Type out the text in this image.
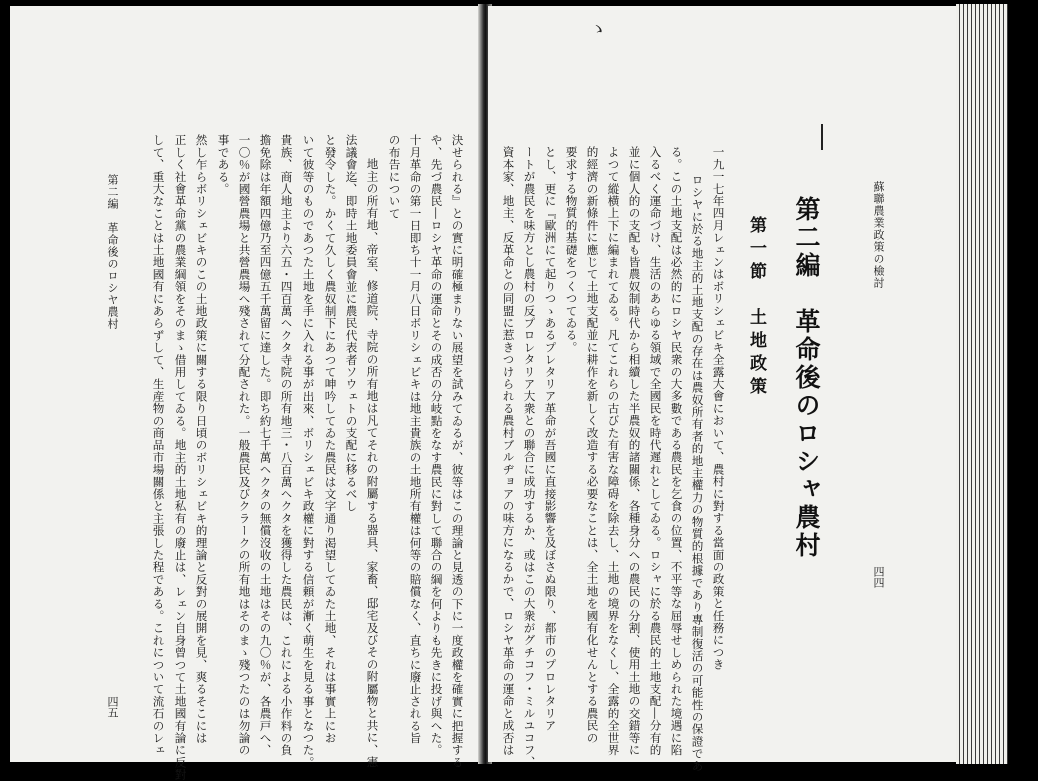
決せられる』との實に明確極まりない展望を試みてゐるが、彼等はこの理論と見透の下に一度政權を確實に把握する
や、先づ農民―ロシヤ革命の運命とその成否の分岐點をなす農民に對して聯合の綱を何よりも先きに投げ與へた。
十月革命の第一日即ち十一月八日ボリシェビキは地主貴族の土地所有權は何等の賠償なく、直ちに廢止される旨
の布告について
地主の所有地、帝室、修道院、寺院の所有地は凡てそれの附屬する器具、家畜、邸宅及びその附屬物と共に、憲
法議會迄、即時土地委員會並に農民代表者ソウェトの支配に移るべし
と發令した。かくて久しく農奴制下にあつて呻吟してゐた農民は文字通り渇望してゐた土地、それは事實上にお
いて彼等のものであつた土地を手に入れる事が出來、ボリシェビキ政權に對する信頼が漸く萌生を見る事となつた。
貴族、商人地主より六五・四百萬ヘクタ寺院の所有地三・八百萬ヘクタを獲得した農民は、これによる小作料の負
擔免除は年額四億乃至四億五千萬留に達した。即ち約七千萬ヘクタの無償沒收の土地はその九〇％が、各農戸へ、
一〇％が國營農場と共營農場へ殘されて分配された。一般農民及びクラークの所有地はそのまゝ殘つたのは勿論の
事である。
然し乍らボリシェビキのこの土地政策に關する限り日頃のボリシェビキ的理論と反對の展開を見、爽るそこには
正しく社會革命黨の農業綱領をそのまゝ借用してゐる。地主的土地私有の廢止は、レェン自身曾つて土地國有論に反對
して、重大なことは土地國有にあらずして、生産物の商品市場關係と主張した程である。これについて流石のレェ
第二編　革命後のロシヤ農村
四五
ゝ
蘇聯農業政策の檢討
四四
第二編　革命後のロシャ農村
第一節　土地政策
一九一七年四月レェンはボリシェビキ全露大會において、農村に對する當面の政策と任務につき
ロシヤに於る地主的土地支配の存在は農奴所有者的地主權力の物質的根據であり專制復活の可能性の保證であ
る。この土地支配は必然的にロシヤ民衆の大多數である農民を乞食の位置、不平等な屈辱せしめられた境遇に陷
入るべく運命づけ、生活のあらゆる領域で全國民を時代遲れとしてゐる。ロシャに於る農民的土地支配―分有的
並に個人的の支配も皆農奴制時代から相續した半農奴的諸關係、各種身分への農民の分割、使用土地の交錯等に
よつて縱横上下に編まれてゐる。凡てこれらの古びた有害な障碍を除去し、土地の境界をなくし、全露的全世界
的經濟の新條件に應じて土地支配並に耕作を新しく改造する必要なことは、全土地を國有化せんとする農民の
要求する物質的基礎をつくつてゐる。
とし、更に『歐洲にて起りつゝあるプレタリア革命が吾國に直接影響を及ぼさぬ限り、都市のプロレタリア
ートが農民を味方とし農村の反プロレタリア大衆との聯合に成功するか、或はこの大衆がグチコフ・ミルユコフ、
資本家、地主、反革命との同盟に惹きつけられる農村ブルヂョアの味方になるかで、ロシヤ革命の運命と成否は
